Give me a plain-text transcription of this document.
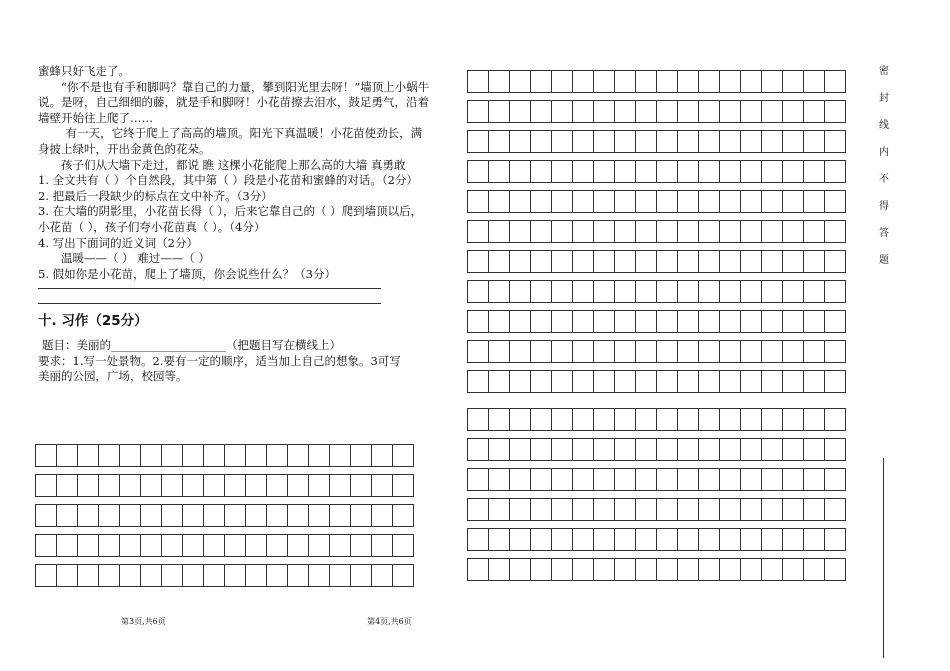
蜜蜂只好飞走了。

“你不是也有手和脚吗？靠自己的力量，攀到阳光里去呀！”墙顶上小蜗牛说。是呀，自己细细的藤，就是手和脚呀！小花苗擦去泪水，鼓足勇气，沿着墙壁开始往上爬了……

有一天，它终于爬上了高高的墙顶。阳光下真温暖！小花苗使劲长，满身披上绿叶，开出金黄色的花朵。

孩子们从大墙下走过，都说 瞧 这棵小花能爬上那么高的大墙 真勇敢

1. 全文共有（ ）个自然段，其中第（ ）段是小花苗和蜜蜂的对话。（2分）

2. 把最后一段缺少的标点在文中补齐。（3分）

3. 在大墙的阴影里，小花苗长得（ ），后来它靠自己的（ ）爬到墙顶以后，小花苗（ ），孩子们夸小花苗真（ ）。（4分）

4. 写出下面词的近义词（2分）

温暖——（ ） 难过——（ ）

5. 假如你是小花苗，爬上了墙顶，你会说些什么？（3分）

十. 习作（25分）

题目：美丽的____________________（把题目写在横线上）

要求：1.写一处景物。2.要有一定的顺序，适当加上自己的想象。3可写

美丽的公园，广场，校园等。

第3页,共6页	第4页,共6页
密
封
线
内
不
得
答
题
